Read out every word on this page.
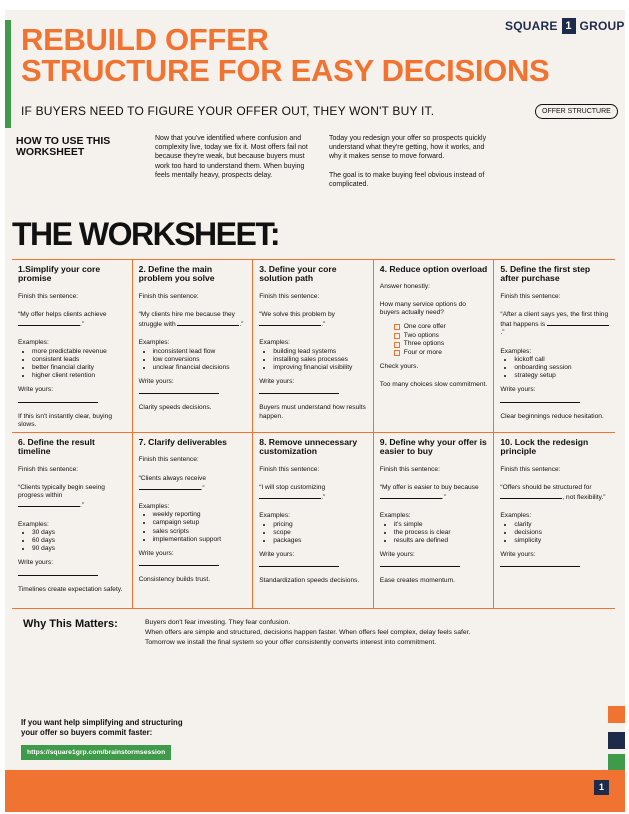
REBUILD OFFER
STRUCTURE FOR EASY DECISIONS
SQUARE 1 GROUP
IF BUYERS NEED TO FIGURE YOUR OFFER OUT, THEY WON'T BUY IT.	OFFER STRUCTURE
HOW TO USE THIS
WORKSHEET
Now that you've identified where confusion and complexity live, today we fix it. Most offers fail not because they're weak, but because buyers must work too hard to understand them. When buying feels mentally heavy, prospects delay.

Today you redesign your offer so prospects quickly understand what they're getting, how it works, and why it makes sense to move forward.

The goal is to make buying feel obvious instead of complicated.

THE WORKSHEET:
1.Simplify your core promise
Finish this sentence:
“My offer helps clients achieve .”
Examples:
• more predictable revenue
• consistent leads
• better financial clarity
• higher client retention
Write yours:
If this isn't instantly clear, buying slows.
2. Define the main problem you solve
Finish this sentence:
“My clients hire me because they struggle with	.”
Examples:
• inconsistent lead flow
• low conversions
• unclear financial decisions
Write yours:
Clarity speeds decisions.
3. Define your core solution path
Finish this sentence:
“We solve this problem by .”
Examples:
• building lead systems
• installing sales processes
• improving financial visibility
Write yours:
Buyers must understand how results happen.
4. Reduce option overload
Answer honestly:
How many service options do buyers actually need?
One core offer
Two options
Three options
Four or more
Check yours.
Too many choices slow commitment.
5. Define the first step after purchase
Finish this sentence:
“After a client says yes, the first thing that happens is .”
Examples:
• kickoff call
• onboarding session
• strategy setup
Write yours:
Clear beginnings reduce hesitation.
6. Define the result timeline
Finish this sentence:
“Clients typically begin seeing progress within .”
Examples:
• 30 days
• 60 days
• 90 days
Write yours:
Timelines create expectation safety.
7. Clarify deliverables
Finish this sentence:
“Clients always receive .”
Examples:
• weekly reporting
• campaign setup
• sales scripts
• implementation support
Write yours:
Consistency builds trust.
8. Remove unnecessary customization
Finish this sentence:
“I will stop customizing .”
Examples:
• pricing
• scope
• packages
Write yours:
Standardization speeds decisions.
9. Define why your offer is easier to buy
Finish this sentence:
“My offer is easier to buy because .”
Examples:
• it's simple
• the process is clear
• results are defined
Write yours:
Ease creates momentum.
10. Lock the redesign principle
Finish this sentence:
“Offers should be structured for , not flexibility.”
Examples:
• clarity
• decisions
• simplicity
Write yours:
Why This Matters:	Buyers don't fear investing. They fear confusion.
When offers are simple and structured, decisions happen faster. When offers feel complex, delay feels safer.
Tomorrow we install the final system so your offer consistently converts interest into commitment.
If you want help simplifying and structuring
your offer so buyers commit faster:
https://square1grp.com/brainstormsession
1
